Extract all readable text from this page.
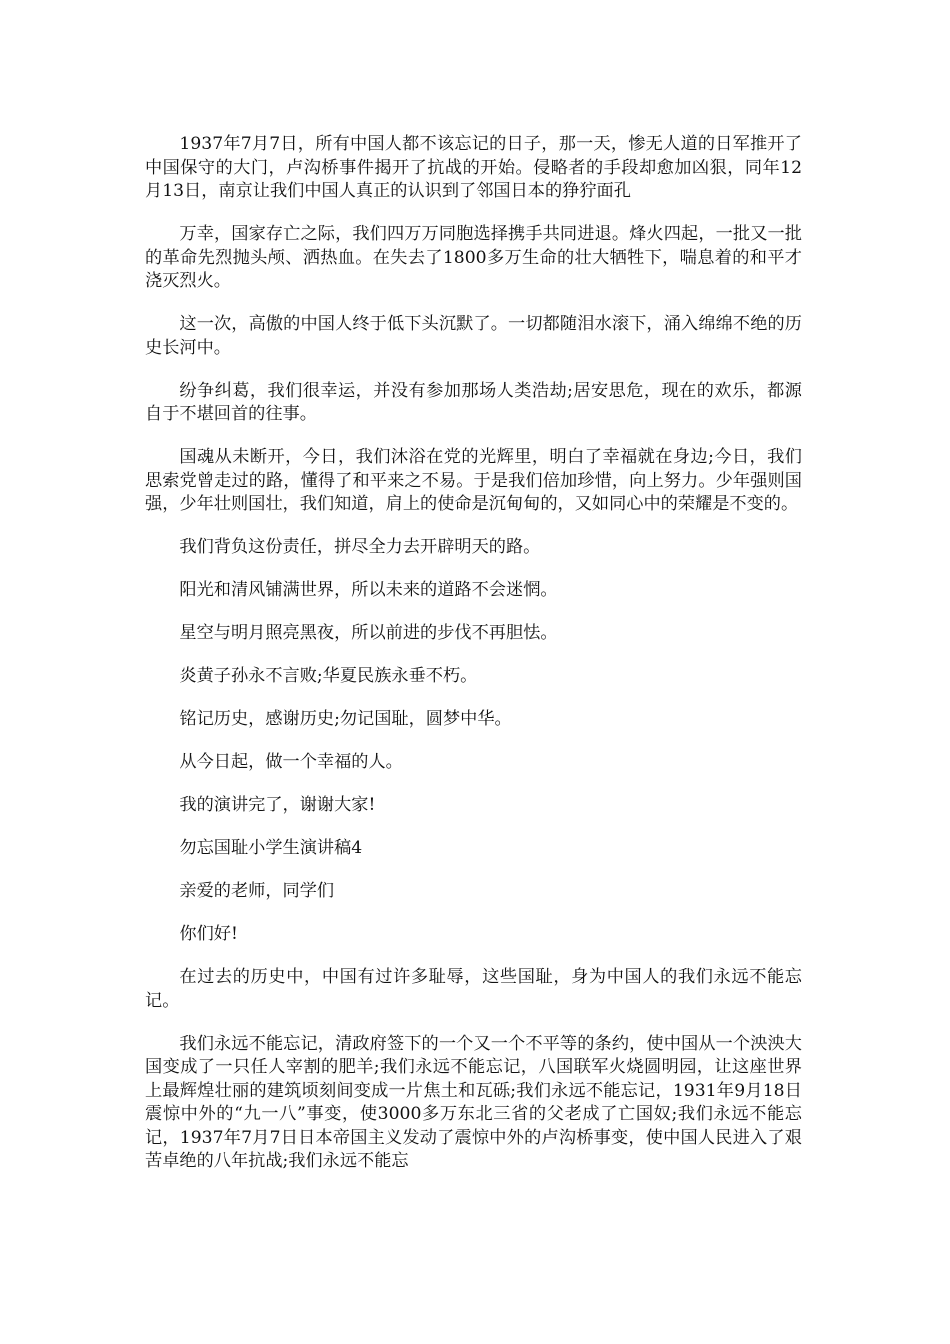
1937年7月7日，所有中国人都不该忘记的日子，那一天，惨无人道的日军推开了中国保守的大门，卢沟桥事件揭开了抗战的开始。侵略者的手段却愈加凶狠，同年12月13日，南京让我们中国人真正的认识到了邻国日本的狰狞面孔

万幸，国家存亡之际，我们四万万同胞选择携手共同进退。烽火四起，一批又一批的革命先烈抛头颅、洒热血。在失去了1800多万生命的壮大牺牲下，喘息着的和平才浇灭烈火。

这一次，高傲的中国人终于低下头沉默了。一切都随泪水滚下，涌入绵绵不绝的历史长河中。

纷争纠葛，我们很幸运，并没有参加那场人类浩劫;居安思危，现在的欢乐，都源自于不堪回首的往事。

国魂从未断开，今日，我们沐浴在党的光辉里，明白了幸福就在身边;今日，我们思索党曾走过的路，懂得了和平来之不易。于是我们倍加珍惜，向上努力。少年强则国强，少年壮则国壮，我们知道，肩上的使命是沉甸甸的，又如同心中的荣耀是不变的。

我们背负这份责任，拼尽全力去开辟明天的路。

阳光和清风铺满世界，所以未来的道路不会迷惘。

星空与明月照亮黑夜，所以前进的步伐不再胆怯。

炎黄子孙永不言败;华夏民族永垂不朽。

铭记历史，感谢历史;勿记国耻，圆梦中华。

从今日起，做一个幸福的人。

我的演讲完了，谢谢大家!

勿忘国耻小学生演讲稿4

亲爱的老师，同学们

你们好!

在过去的历史中，中国有过许多耻辱，这些国耻，身为中国人的我们永远不能忘记。

我们永远不能忘记，清政府签下的一个又一个不平等的条约，使中国从一个泱泱大国变成了一只任人宰割的肥羊;我们永远不能忘记，八国联军火烧圆明园，让这座世界上最辉煌壮丽的建筑顷刻间变成一片焦土和瓦砾;我们永远不能忘记，1931年9月18日震惊中外的“九一八”事变，使3000多万东北三省的父老成了亡国奴;我们永远不能忘记，1937年7月7日日本帝国主义发动了震惊中外的卢沟桥事变，使中国人民进入了艰苦卓绝的八年抗战;我们永远不能忘
